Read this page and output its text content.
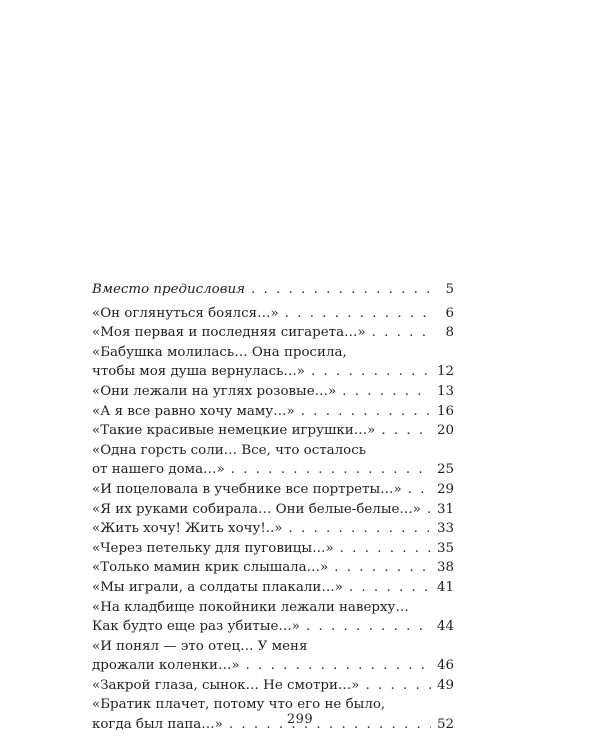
Вместо предисловия . . .	5
«Он оглянуться боялся…» . . .	6
«Моя первая и последняя сигарета…» . . .	8
«Бабушка молилась… Она просила,
чтобы моя душа вернулась…» . . .	12
«Они лежали на углях розовые…» . . .	13
«А я все равно хочу маму…» . . .	16
«Такие красивые немецкие игрушки…» . . .	20
«Одна горсть соли… Все, что осталось
от нашего дома…» . . .	25
«И поцеловала в учебнике все портреты…» . . .	29
«Я их руками собирала… Они белые-белые…» . . . 31
«Жить хочу! Жить хочу!..» . . .	33
«Через петельку для пуговицы…» . . .	35
«Только мамин крик слышала…» . . .	38
«Мы играли, а солдаты плакали…» . . .	41
«На кладбище покойники лежали наверху…
Как будто еще раз убитые…» . . .	44
«И понял — это отец… У меня
дрожали коленки…» . . .	46
«Закрой глаза, сынок… Не смотри…» . . .	49
«Братик плачет, потому что его не было,
когда был папа…» . . .	52
299
